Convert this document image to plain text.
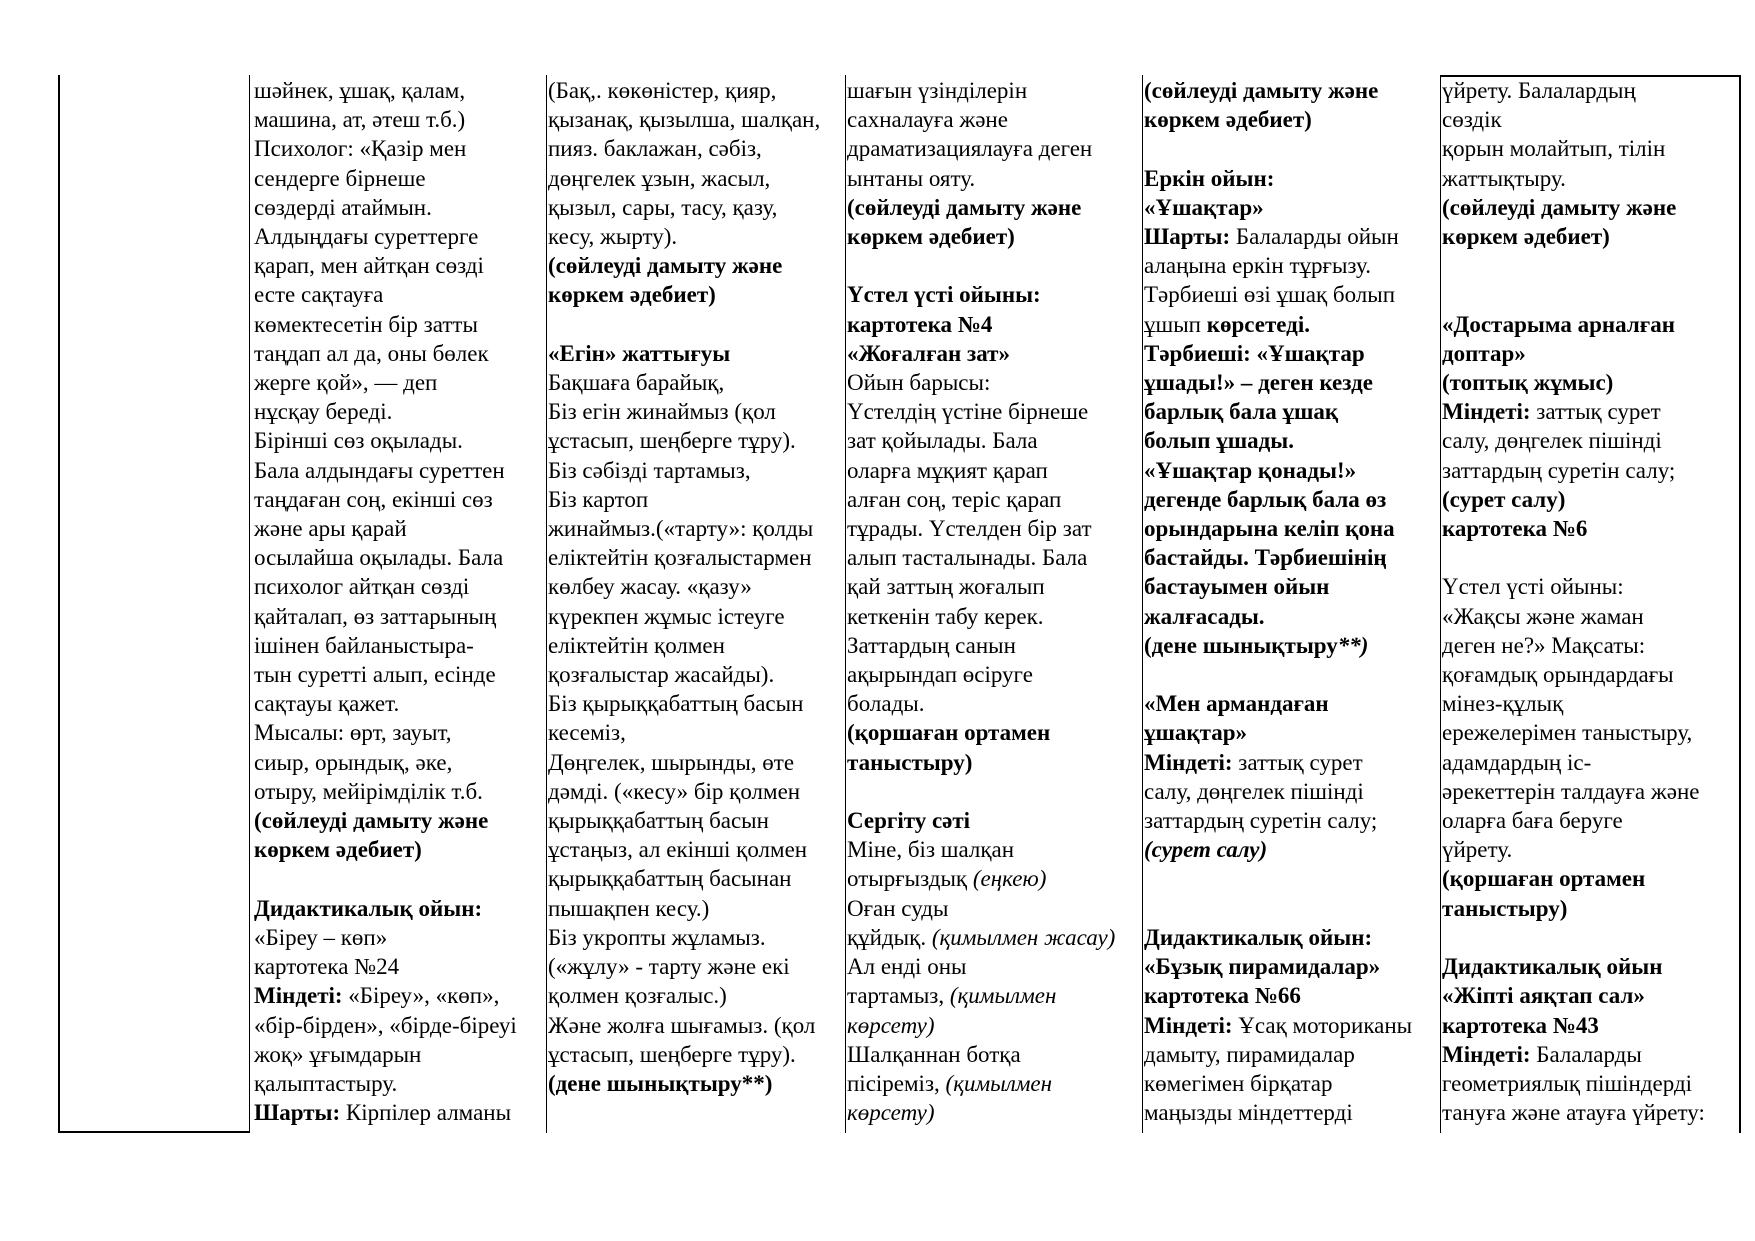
шәйнек, ұшақ, қалам,
машина, ат, әтеш т.б.)
Психолог: «Қазір мен
сендерге бірнеше
сөздерді атаймын.
Алдыңдағы суреттерге
қарап, мен айтқан сөзді
есте сақтауға
көмектесетін бір затты
таңдап ал да, оны бөлек
жерге қой», — деп
нұсқау береді.
Бірінші сөз оқылады.
Бала алдындағы суреттен
таңдаған соң, екінші сөз
және ары қарай
осылайша оқылады. Бала
психолог айтқан сөзді
қайталап, өз заттарының
ішінен байланыстыра-
тын суретті алып, есінде
сақтауы қажет.
Мысалы: өрт, зауыт,
сиыр, орындық, әке,
отыру, мейірімділік т.б.
(сөйлеуді дамыту және
көркем әдебиет)

Дидактикалық ойын:
«Біреу – көп»
картотека №24
Міндеті: «Біреу», «көп»,
«бір-бірден», «бірде-біреуі
жоқ» ұғымдарын
қалыптастыру.
Шарты: Кірпілер алманы
(Бақ,. көкөністер, қияр,
қызанақ, қызылша, шалқан,
пияз. баклажан, сәбіз,
дөңгелек ұзын, жасыл,
қызыл, сары, тасу, қазу,
кесу, жырту).
(сөйлеуді дамыту және
көркем әдебиет)

«Егін» жаттығуы
Бақшаға барайық,
Біз егін жинаймыз (қол
ұстасып, шеңберге тұру).
Біз сәбізді тартамыз,
Біз картоп
жинаймыз.(«тарту»: қолды
еліктейтін қозғалыстармен
көлбеу жасау. «қазу»
күрекпен жұмыс істеуге
еліктейтін қолмен
қозғалыстар жасайды).
Біз қырыққабаттың басын
кесеміз,
Дөңгелек, шырынды, өте
дәмді. («кесу» бір қолмен
қырыққабаттың басын
ұстаңыз, ал екінші қолмен
қырыққабаттың басынан
пышақпен кесу.)
Біз укропты жұламыз.
(«жұлу» - тарту және екі
қолмен қозғалыс.)
Және жолға шығамыз. (қол
ұстасып, шеңберге тұру).
(дене шынықтыру**)
шағын үзінділерін
сахналауға және
драматизациялауға деген
ынтаны ояту.
(сөйлеуді дамыту және
көркем әдебиет)

Үстел үсті ойыны:
картотека №4
«Жоғалған зат»
Ойын барысы:
Үстелдің үстіне бірнеше
зат қойылады. Бала
оларға мұқият қарап
алған соң, теріс қарап
тұрады. Үстелден бір зат
алып тасталынады. Бала
қай заттың жоғалып
кеткенін табу керек.
Заттардың санын
ақырындап өсіруге
болады.
(қоршаған ортамен
таныстыру)

Сергіту сәті
Міне, біз шалқан
отырғыздық (еңкею)
Оған суды
құйдық. (қимылмен жасау)
Ал енді оны
тартамыз, (қимылмен
көрсету)
Шалқаннан ботқа
пісіреміз, (қимылмен
көрсету)
(сөйлеуді дамыту және
көркем әдебиет)

Еркін ойын:
«Ұшақтар»
Шарты: Балаларды ойын
алаңына еркін тұрғызу.
Тәрбиеші өзі ұшақ болып
ұшып көрсетеді.
Тәрбиеші: «Ұшақтар
ұшады!» – деген кезде
барлық бала ұшақ
болып ұшады.
«Ұшақтар қонады!»
дегенде барлық бала өз
орындарына келіп қона
бастайды. Тәрбиешінің
бастауымен ойын
жалғасады.
(дене шынықтыру**)

«Мен армандаған
ұшақтар»
Міндеті: заттық сурет
салу, дөңгелек пішінді
заттардың суретін салу;
(сурет салу)

Дидактикалық ойын:
«Бұзық пирамидалар»
картотека №66
Міндеті: Ұсақ моториканы
дамыту, пирамидалар
көмегімен бірқатар
маңызды міндеттерді
үйрету. Балалардың
сөздік
қорын молайтып, тілін
жаттықтыру.
(сөйлеуді дамыту және
көркем әдебиет)

«Достарыма арналған
доптар»
(топтық жұмыс)
Міндеті: заттық сурет
салу, дөңгелек пішінді
заттардың суретін салу;
(сурет салу)
картотека №6

Үстел үсті ойыны:
«Жақсы және жаман
деген не?» Мақсаты:
қоғамдық орындардағы
мінез-құлық
ережелерімен таныстыру,
адамдардың іс-
әрекеттерін талдауға және
оларға баға беруге
үйрету.
(қоршаған ортамен
таныстыру)

Дидактикалық ойын
«Жіпті аяқтап сал»
картотека №43
Міндеті: Балаларды
геометриялық пішіндерді
тануға және атауға үйрету:
